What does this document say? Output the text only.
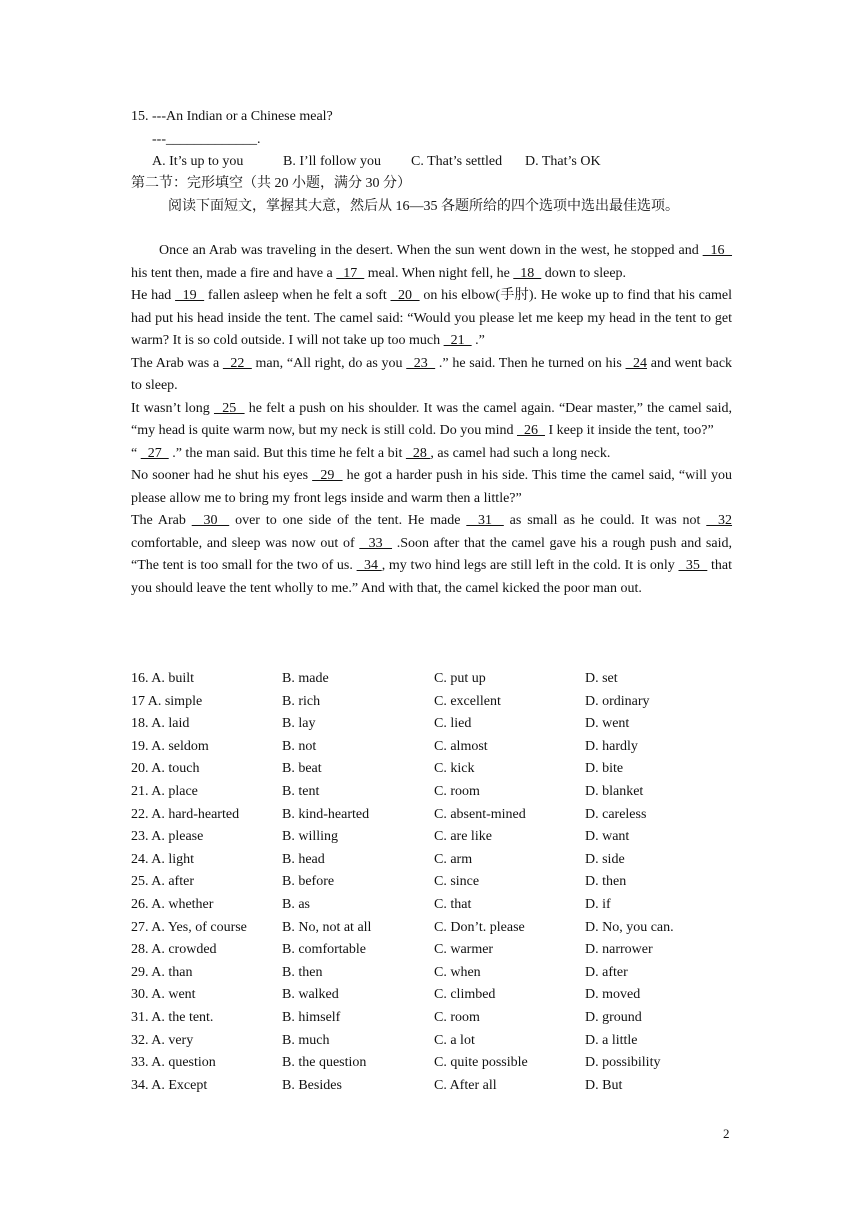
15. ---An Indian or a Chinese meal?
---_____________.
A. It’s up to you	B. I’ll follow you C. That’s settled D. That’s OK
第二节：完形填空（共 20 小题，满分 30 分）
阅读下面短文，掌握其大意，然后从 16—35 各题所给的四个选项中选出最佳选项。

Once an Arab was traveling in the desert. When the sun went down in the west, he stopped and   16   his tent then, made a fire and have a   17   meal. When night fell, he   18   down to sleep.

He had   19   fallen asleep when he felt a soft   20   on his elbow(手肘). He woke up to find that his camel had put his head inside the tent. The camel said: “Would you please let me keep my head in the tent to get warm? It is so cold outside. I will not take up too much   21   .”

The Arab was a   22   man, “All right, do as you   23   .” he said. Then he turned on his   24 and went back to sleep.

It wasn’t long   25   he felt a push on his shoulder. It was the camel again. “Dear master,” the camel said, “my head is quite warm now, but my neck is still cold. Do you mind   26   I keep it inside the tent, too?”

“   27   .” the man said. But this time he felt a bit   28 , as camel had such a long neck.

No sooner had he shut his eyes   29   he got a harder push in his side. This time the camel said, “will you please allow me to bring my front legs inside and warm then a little?”

The Arab   30   over to one side of the tent. He made   31   as small as he could. It was not   32 comfortable, and sleep was now out of   33   .Soon after that the camel gave his a rough push and said, “The tent is too small for the two of us.   34 , my two hind legs are still left in the cold. It is only   35   that you should leave the tent wholly to me.” And with that, the camel kicked the poor man out.

16. A. built	B. made	C. put up	D. set
17 A. simple	B. rich	C. excellent	D. ordinary
18. A. laid	B. lay	C. lied	D. went
19. A. seldom	B. not	C. almost	D. hardly
20. A. touch	B. beat	C. kick	D. bite
21. A. place	B. tent	C. room	D. blanket
22. A. hard-hearted	B. kind-hearted	C. absent-mined	D. careless
23. A. please	B. willing	C. are like	D. want
24. A. light	B. head	C. arm	D. side
25. A. after	B. before	C. since	D. then
26. A. whether	B. as	C. that	D. if
27. A. Yes, of course	B. No, not at all	C. Don’t. please	D. No, you can.
28. A. crowded	B. comfortable	C. warmer	D. narrower
29. A. than	B. then	C. when	D. after
30. A. went	B. walked	C. climbed	D. moved
31. A. the tent.	B. himself	C. room	D. ground
32. A. very	B. much	C. a lot	D. a little
33. A. question	B. the question	C. quite possible	D. possibility
34. A. Except	B. Besides	C. After all	D. But
2
